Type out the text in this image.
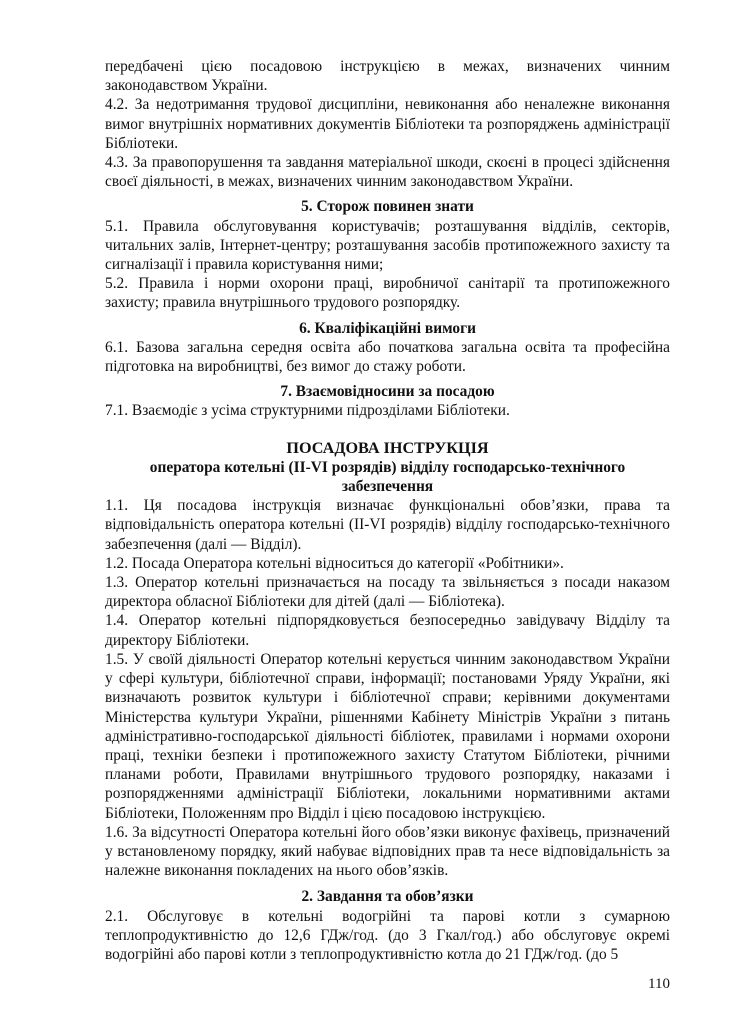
передбачені цією посадовою інструкцією в межах, визначених чинним законодавством України.

4.2. За недотримання трудової дисципліни, невиконання або неналежне виконання вимог внутрішніх нормативних документів Бібліотеки та розпоряджень адміністрації Бібліотеки.

4.3. За правопорушення та завдання матеріальної шкоди, скоєні в процесі здійснення своєї діяльності, в межах, визначених чинним законодавством України.

5. Сторож повинен знати

5.1. Правила обслуговування користувачів; розташування відділів, секторів, читальних залів, Інтернет-центру; розташування засобів протипожежного захисту та сигналізації і правила користування ними;

5.2. Правила і норми охорони праці, виробничої санітарії та протипожежного захисту; правила внутрішнього трудового розпорядку.

6. Кваліфікаційні вимоги

6.1. Базова загальна середня освіта або початкова загальна освіта та професійна підготовка на виробництві, без вимог до стажу роботи.

7. Взаємовідносини за посадою

7.1. Взаємодіє з усіма структурними підрозділами Бібліотеки.

ПОСАДОВА ІНСТРУКЦІЯ

оператора котельні (II-VI розрядів) відділу господарсько-технічного забезпечення

1.1. Ця посадова інструкція визначає функціональні обов’язки, права та відповідальність оператора котельні (II-VI розрядів) відділу господарсько-технічного забезпечення (далі — Відділ).

1.2. Посада Оператора котельні відноситься до категорії «Робітники».

1.3. Оператор котельні призначається на посаду та звільняється з посади наказом директора обласної Бібліотеки для дітей (далі — Бібліотека).

1.4. Оператор котельні підпорядковується безпосередньо завідувачу Відділу та директору Бібліотеки.

1.5. У своїй діяльності Оператор котельні керується чинним законодавством України у сфері культури, бібліотечної справи, інформації; постановами Уряду України, які визначають розвиток культури і бібліотечної справи; керівними документами Міністерства культури України, рішеннями Кабінету Міністрів України з питань адміністративно-господарської діяльності бібліотек, правилами і нормами охорони праці, техніки безпеки і протипожежного захисту Статутом Бібліотеки, річними планами роботи, Правилами внутрішнього трудового розпорядку, наказами і розпорядженнями адміністрації Бібліотеки, локальними нормативними актами Бібліотеки, Положенням про Відділ і цією посадовою інструкцією.

1.6. За відсутності Оператора котельні його обов’язки виконує фахівець, призначений у встановленому порядку, який набуває відповідних прав та несе відповідальність за належне виконання покладених на нього обов’язків.

2. Завдання та обов’язки

2.1. Обслуговує в котельні водогрійні та парові котли з сумарною теплопродуктивністю до 12,6 ГДж/год. (до 3 Гкал/год.) або обслуговує окремі водогрійні або парові котли з теплопродуктивністю котла до 21 ГДж/год. (до 5

110
